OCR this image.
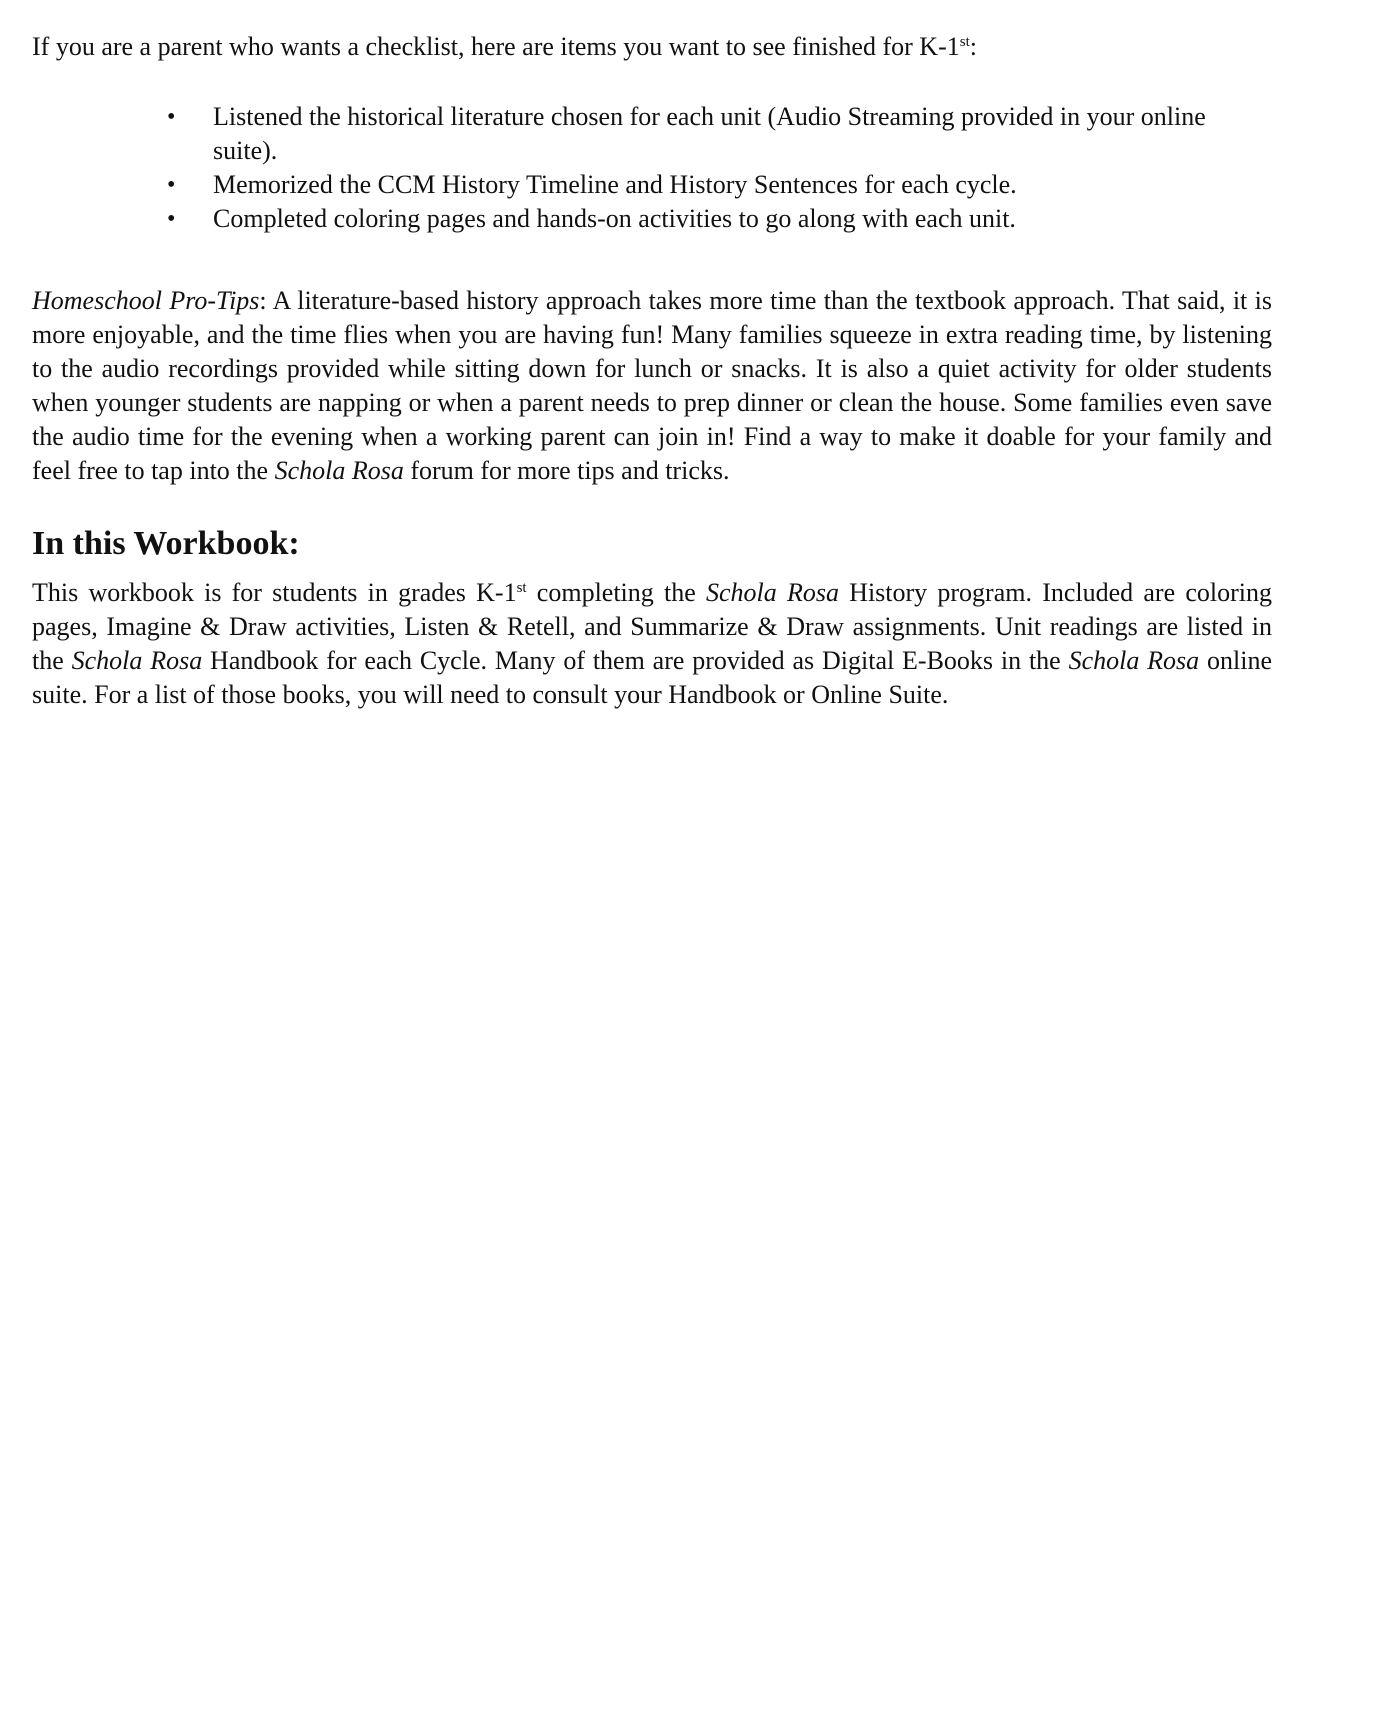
If you are a parent who wants a checklist, here are items you want to see finished for K-1st:

• Listened the historical literature chosen for each unit (Audio Streaming provided in your online suite).
• Memorized the CCM History Timeline and History Sentences for each cycle.
• Completed coloring pages and hands-on activities to go along with each unit.

Homeschool Pro-Tips: A literature-based history approach takes more time than the textbook approach. That said, it is more enjoyable, and the time flies when you are having fun! Many families squeeze in extra reading time, by listening to the audio recordings provided while sitting down for lunch or snacks. It is also a quiet activity for older students when younger students are napping or when a parent needs to prep dinner or clean the house. Some families even save the audio time for the evening when a working parent can join in! Find a way to make it doable for your family and feel free to tap into the Schola Rosa forum for more tips and tricks.

In this Workbook:

This workbook is for students in grades K-1st completing the Schola Rosa History program. Included are coloring pages, Imagine & Draw activities, Listen & Retell, and Summarize & Draw assignments. Unit readings are listed in the Schola Rosa Handbook for each Cycle. Many of them are provided as Digital E-Books in the Schola Rosa online suite. For a list of those books, you will need to consult your Handbook or Online Suite.
